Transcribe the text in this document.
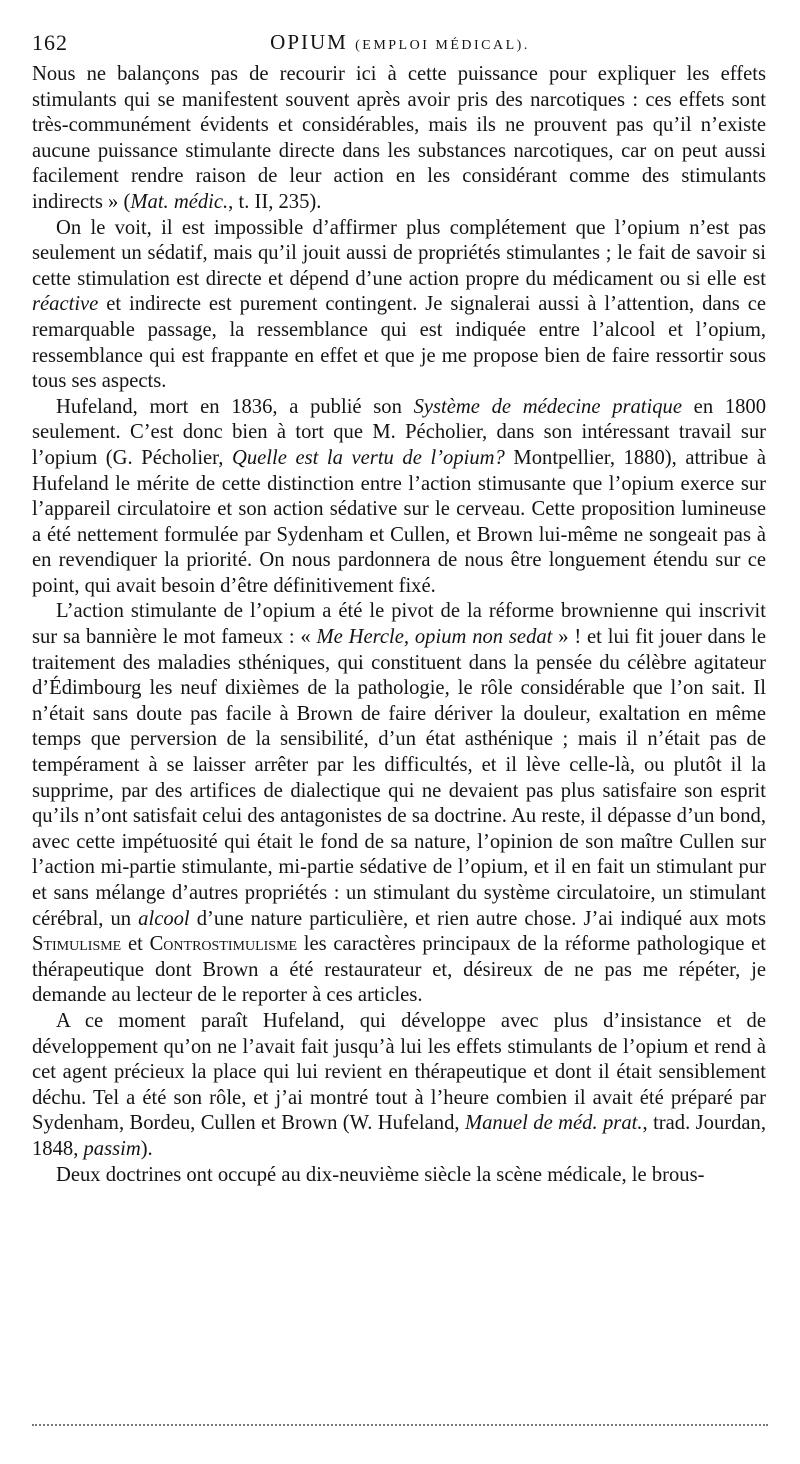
162	OPIUM (EMPLOI MÉDICAL).

Nous ne balançons pas de recourir ici à cette puissance pour expliquer les effets stimulants qui se manifestent souvent après avoir pris des narcotiques : ces effets sont très-communément évidents et considérables, mais ils ne prouvent pas qu’il n’existe aucune puissance stimulante directe dans les substances narcotiques, car on peut aussi facilement rendre raison de leur action en les considérant comme des stimulants indirects » (Mat. médic., t. II, 235).

On le voit, il est impossible d’affirmer plus complétement que l’opium n’est pas seulement un sédatif, mais qu’il jouit aussi de propriétés stimulantes ; le fait de savoir si cette stimulation est directe et dépend d’une action propre du médicament ou si elle est réactive et indirecte est purement contingent. Je signalerai aussi à l’attention, dans ce remarquable passage, la ressemblance qui est indiquée entre l’alcool et l’opium, ressemblance qui est frappante en effet et que je me propose bien de faire ressortir sous tous ses aspects.

Hufeland, mort en 1836, a publié son Système de médecine pratique en 1800 seulement. C’est donc bien à tort que M. Pécholier, dans son intéressant travail sur l’opium (G. Pécholier, Quelle est la vertu de l’opium? Montpellier, 1880), attribue à Hufeland le mérite de cette distinction entre l’action stimusante que l’opium exerce sur l’appareil circulatoire et son action sédative sur le cerveau. Cette proposition lumineuse a été nettement formulée par Sydenham et Cullen, et Brown lui-même ne songeait pas à en revendiquer la priorité. On nous pardonnera de nous être longuement étendu sur ce point, qui avait besoin d’être définitivement fixé.

L’action stimulante de l’opium a été le pivot de la réforme brownienne qui inscrivit sur sa bannière le mot fameux : « Me Hercle, opium non sedat » ! et lui fit jouer dans le traitement des maladies sthéniques, qui constituent dans la pensée du célèbre agitateur d’Édimbourg les neuf dixièmes de la pathologie, le rôle considérable que l’on sait. Il n’était sans doute pas facile à Brown de faire dériver la douleur, exaltation en même temps que perversion de la sensibilité, d’un état asthénique ; mais il n’était pas de tempérament à se laisser arrêter par les difficultés, et il lève celle-là, ou plutôt il la supprime, par des artifices de dialectique qui ne devaient pas plus satisfaire son esprit qu’ils n’ont satisfait celui des antagonistes de sa doctrine. Au reste, il dépasse d’un bond, avec cette impétuosité qui était le fond de sa nature, l’opinion de son maître Cullen sur l’action mi-partie stimulante, mi-partie sédative de l’opium, et il en fait un stimulant pur et sans mélange d’autres propriétés : un stimulant du système circulatoire, un stimulant cérébral, un alcool d’une nature particulière, et rien autre chose. J’ai indiqué aux mots Stimulisme et Controstimulisme les caractères principaux de la réforme pathologique et thérapeutique dont Brown a été restaurateur et, désireux de ne pas me répéter, je demande au lecteur de le reporter à ces articles.

A ce moment paraît Hufeland, qui développe avec plus d’insistance et de développement qu’on ne l’avait fait jusqu’à lui les effets stimulants de l’opium et rend à cet agent précieux la place qui lui revient en thérapeutique et dont il était sensiblement déchu. Tel a été son rôle, et j’ai montré tout à l’heure combien il avait été préparé par Sydenham, Bordeu, Cullen et Brown (W. Hufeland, Manuel de méd. prat., trad. Jourdan, 1848, passim).

Deux doctrines ont occupé au dix-neuvième siècle la scène médicale, le brous-
